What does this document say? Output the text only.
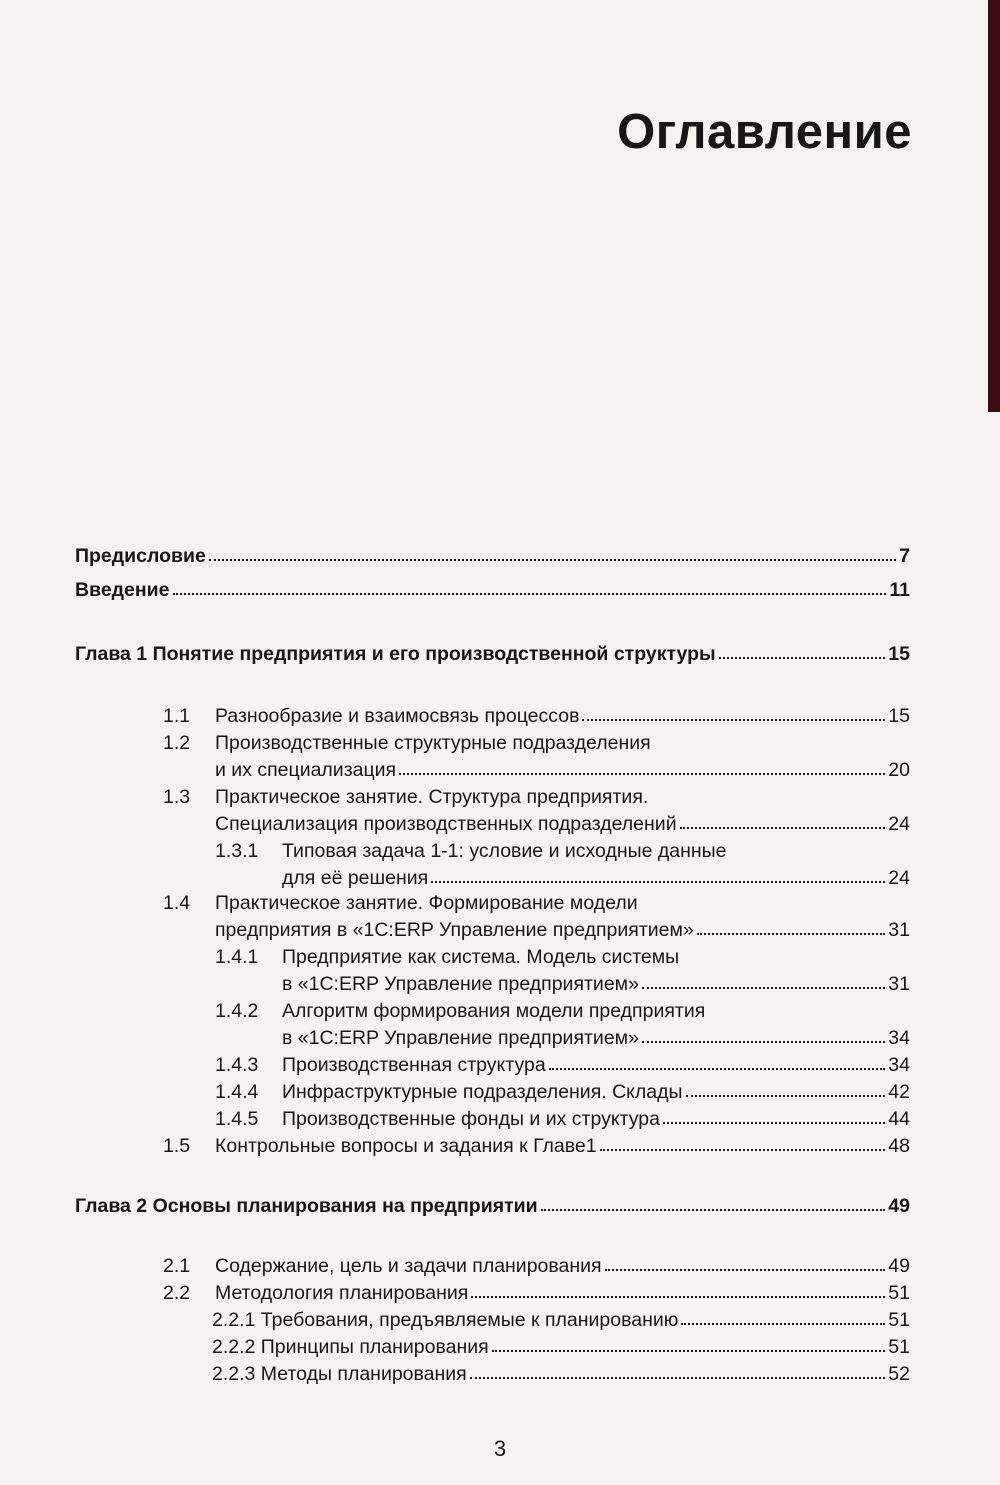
Оглавление
Предисловие	7
Введение	11
Глава 1 Понятие предприятия и его производственной структуры	15
1.1	Разнообразие и взаимосвязь процессов	15
1.2 Производственные структурные подразделения
и их специализация	20
1.3 Практическое занятие. Структура предприятия.
Специализация производственных подразделений	24
1.3.1 Типовая задача 1-1: условие и исходные данные
для её решения	24
1.4 Практическое занятие. Формирование модели
предприятия в «1С:ERP Управление предприятием»	31
1.4.1 Предприятие как система. Модель системы
в «1С:ERP Управление предприятием»	31
1.4.2 Алгоритм формирования модели предприятия
в «1С:ERP Управление предприятием»	34
1.4.3	Производственная структура	34
1.4.4	Инфраструктурные подразделения. Склады	42
1.4.5	Производственные фонды и их структура	44
1.5	Контрольные вопросы и задания к Главе1	48
Глава 2 Основы планирования на предприятии	49
2.1	Содержание, цель и задачи планирования	49
2.2	Методология планирования	51
2.2.1 Требования, предъявляемые к планированию	51
2.2.2 Принципы планирования	51
2.2.3 Методы планирования	52
3
